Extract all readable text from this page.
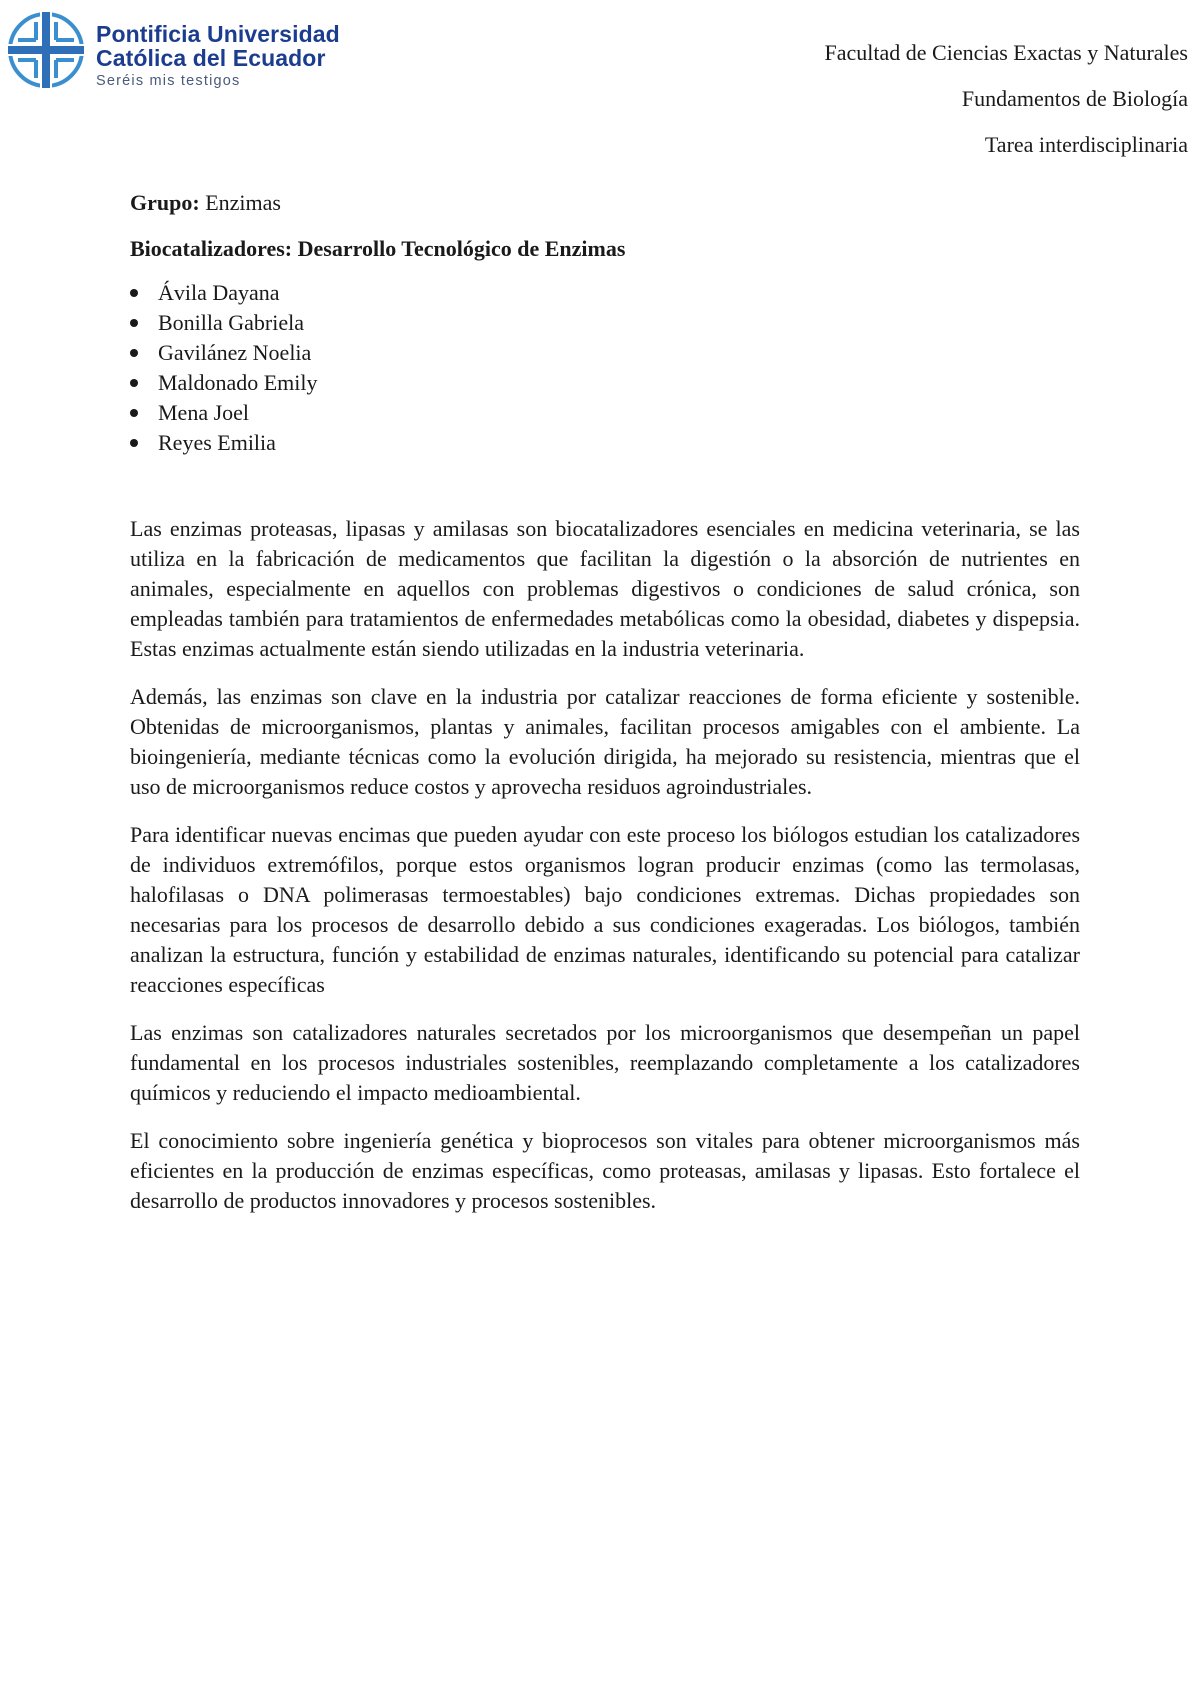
Pontificia Universidad
Católica del Ecuador
Seréis mis testigos
Facultad de Ciencias Exactas y Naturales
Fundamentos de Biología
Tarea interdisciplinaria
Grupo: Enzimas
Biocatalizadores: Desarrollo Tecnológico de Enzimas
Ávila Dayana
Bonilla Gabriela
Gavilánez Noelia
Maldonado Emily
Mena Joel
Reyes Emilia

Las enzimas proteasas, lipasas y amilasas son biocatalizadores esenciales en medicina veterinaria, se las utiliza en la fabricación de medicamentos que facilitan la digestión o la absorción de nutrientes en animales, especialmente en aquellos con problemas digestivos o condiciones de salud crónica, son empleadas también para tratamientos de enfermedades metabólicas como la obesidad, diabetes y dispepsia. Estas enzimas actualmente están siendo utilizadas en la industria veterinaria.

Además, las enzimas son clave en la industria por catalizar reacciones de forma eficiente y sostenible. Obtenidas de microorganismos, plantas y animales, facilitan procesos amigables con el ambiente. La bioingeniería, mediante técnicas como la evolución dirigida, ha mejorado su resistencia, mientras que el uso de microorganismos reduce costos y aprovecha residuos agroindustriales.

Para identificar nuevas encimas que pueden ayudar con este proceso los biólogos estudian los catalizadores de individuos extremófilos, porque estos organismos logran producir enzimas (como las termolasas, halofilasas o DNA polimerasas termoestables) bajo condiciones extremas. Dichas propiedades son necesarias para los procesos de desarrollo debido a sus condiciones exageradas. Los biólogos, también analizan la estructura, función y estabilidad de enzimas naturales, identificando su potencial para catalizar reacciones específicas

Las enzimas son catalizadores naturales secretados por los microorganismos que desempeñan un papel fundamental en los procesos industriales sostenibles, reemplazando completamente a los catalizadores químicos y reduciendo el impacto medioambiental.

El conocimiento sobre ingeniería genética y bioprocesos son vitales para obtener microorganismos más eficientes en la producción de enzimas específicas, como proteasas, amilasas y lipasas. Esto fortalece el desarrollo de productos innovadores y procesos sostenibles.
